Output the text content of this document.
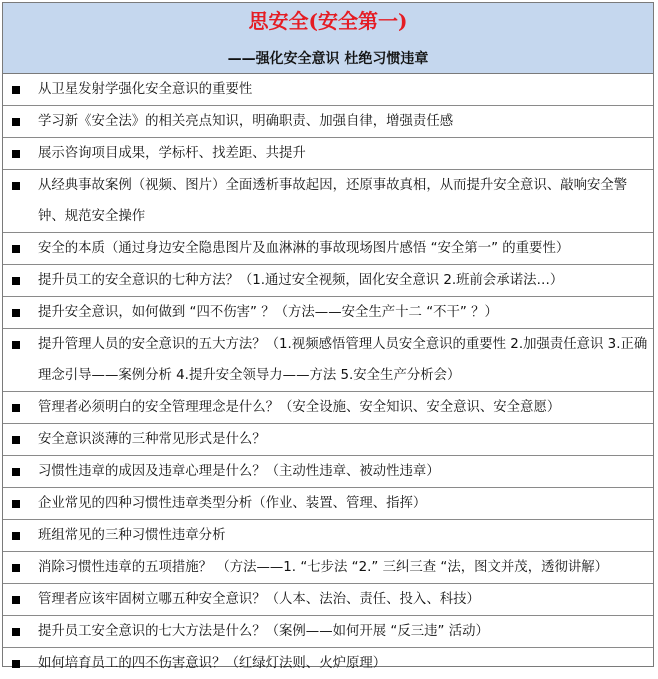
思安全(安全第一)
——强化安全意识 杜绝习惯违章
从卫星发射学强化安全意识的重要性
学习新《安全法》的相关亮点知识，明确职责、加强自律，增强责任感
展示咨询项目成果，学标杆、找差距、共提升
从经典事故案例（视频、图片）全面透析事故起因，还原事故真相，从而提升安全意识、敲响安全警钟、规范安全操作
安全的本质（通过身边安全隐患图片及血淋淋的事故现场图片感悟 “安全第一” 的重要性）
提升员工的安全意识的七种方法？（1.通过安全视频，固化安全意识 2.班前会承诺法…）
提升安全意识，如何做到 “四不伤害” ？（方法——安全生产十二 “不干” ？）
提升管理人员的安全意识的五大方法？（1.视频感悟管理人员安全意识的重要性 2.加强责任意识 3.正确理念引导——案例分析 4.提升安全领导力——方法 5.安全生产分析会）
管理者必须明白的安全管理理念是什么？（安全设施、安全知识、安全意识、安全意愿）
安全意识淡薄的三种常见形式是什么？
习惯性违章的成因及违章心理是什么？（主动性违章、被动性违章）
企业常见的四种习惯性违章类型分析（作业、装置、管理、指挥）
班组常见的三种习惯性违章分析
消除习惯性违章的五项措施？ （方法——1. “七步法 “2.” 三纠三查 “法，图文并茂，透彻讲解）
管理者应该牢固树立哪五种安全意识？（人本、法治、责任、投入、科技）
提升员工安全意识的七大方法是什么？（案例——如何开展 “反三违” 活动）
如何培育员工的四不伤害意识？（红绿灯法则、火炉原理）
